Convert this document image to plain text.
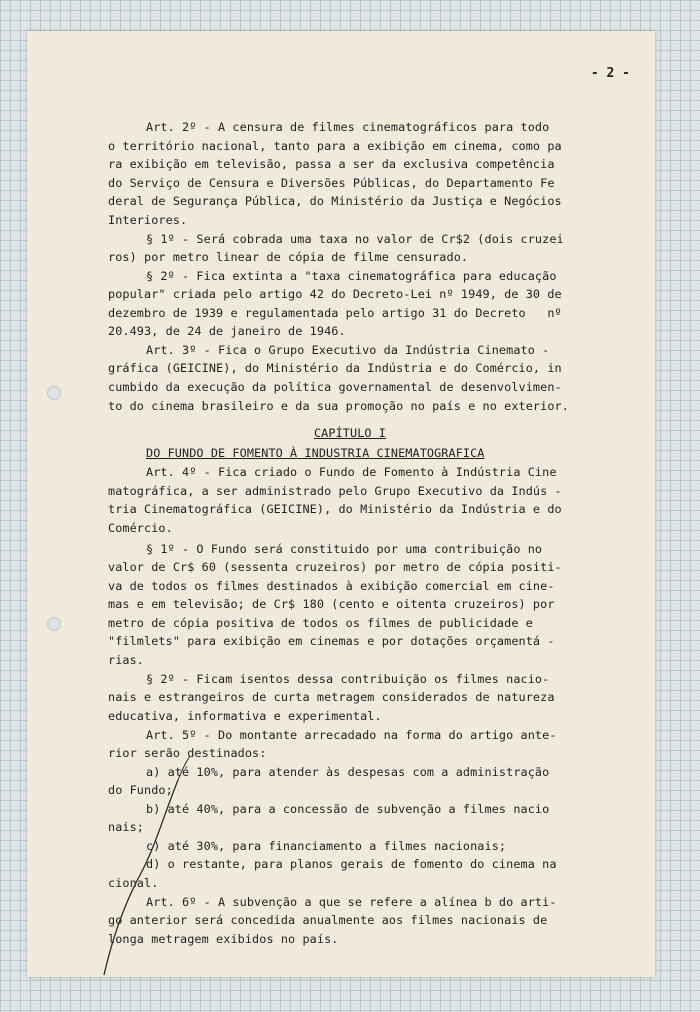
- 2 -
Art. 2º - A censura de filmes cinematográficos para todo
o território nacional, tanto para a exibição em cinema, como pa
ra exibição em televisão, passa a ser da exclusiva competência
do Serviço de Censura e Diversões Públicas, do Departamento Fe
deral de Segurança Pública, do Ministério da Justiça e Negócios
Interiores.
§ 1º - Será cobrada uma taxa no valor de Cr$2 (dois cruzei
ros) por metro linear de cópia de filme censurado.
§ 2º - Fica extinta a "taxa cinematográfica para educação
popular" criada pelo artigo 42 do Decreto-Lei nº 1949, de 30 de
dezembro de 1939 e regulamentada pelo artigo 31 do Decreto   nº
20.493, de 24 de janeiro de 1946.
Art. 3º - Fica o Grupo Executivo da Indústria Cinemato -
gráfica (GEICINE), do Ministério da Indústria e do Comércio, in
cumbido da execução da política governamental de desenvolvimen-
to do cinema brasileiro e da sua promoção no país e no exterior.
CAPÍTULO I
DO FUNDO DE FOMENTO À INDUSTRIA CINEMATOGRAFICA
Art. 4º - Fica criado o Fundo de Fomento à Indústria Cine
matográfica, a ser administrado pelo Grupo Executivo da Indús -
tria Cinematográfica (GEICINE), do Ministério da Indústria e do
Comércio.
§ 1º - O Fundo será constituido por uma contribuição no
valor de Cr$ 60 (sessenta cruzeiros) por metro de cópia positi-
va de todos os filmes destinados à exibição comercial em cine-
mas e em televisão; de Cr$ 180 (cento e oitenta cruzeiros) por
metro de cópia positiva de todos os filmes de publicidade e
"filmlets" para exibição em cinemas e por dotações orçamentá -
rias.
§ 2º - Ficam isentos dessa contribuição os filmes nacio-
nais e estrangeiros de curta metragem considerados de natureza
educativa, informativa e experimental.
Art. 5º - Do montante arrecadado na forma do artigo ante-
rior serão destinados:
a) até 10%, para atender às despesas com a administração
do Fundo;
b) até 40%, para a concessão de subvenção a filmes nacio
nais;
c) até 30%, para financiamento a filmes nacionais;
d) o restante, para planos gerais de fomento do cinema na
cional.
Art. 6º - A subvenção a que se refere a alínea b do arti-
go anterior será concedida anualmente aos filmes nacionais de
longa metragem exibidos no país.
